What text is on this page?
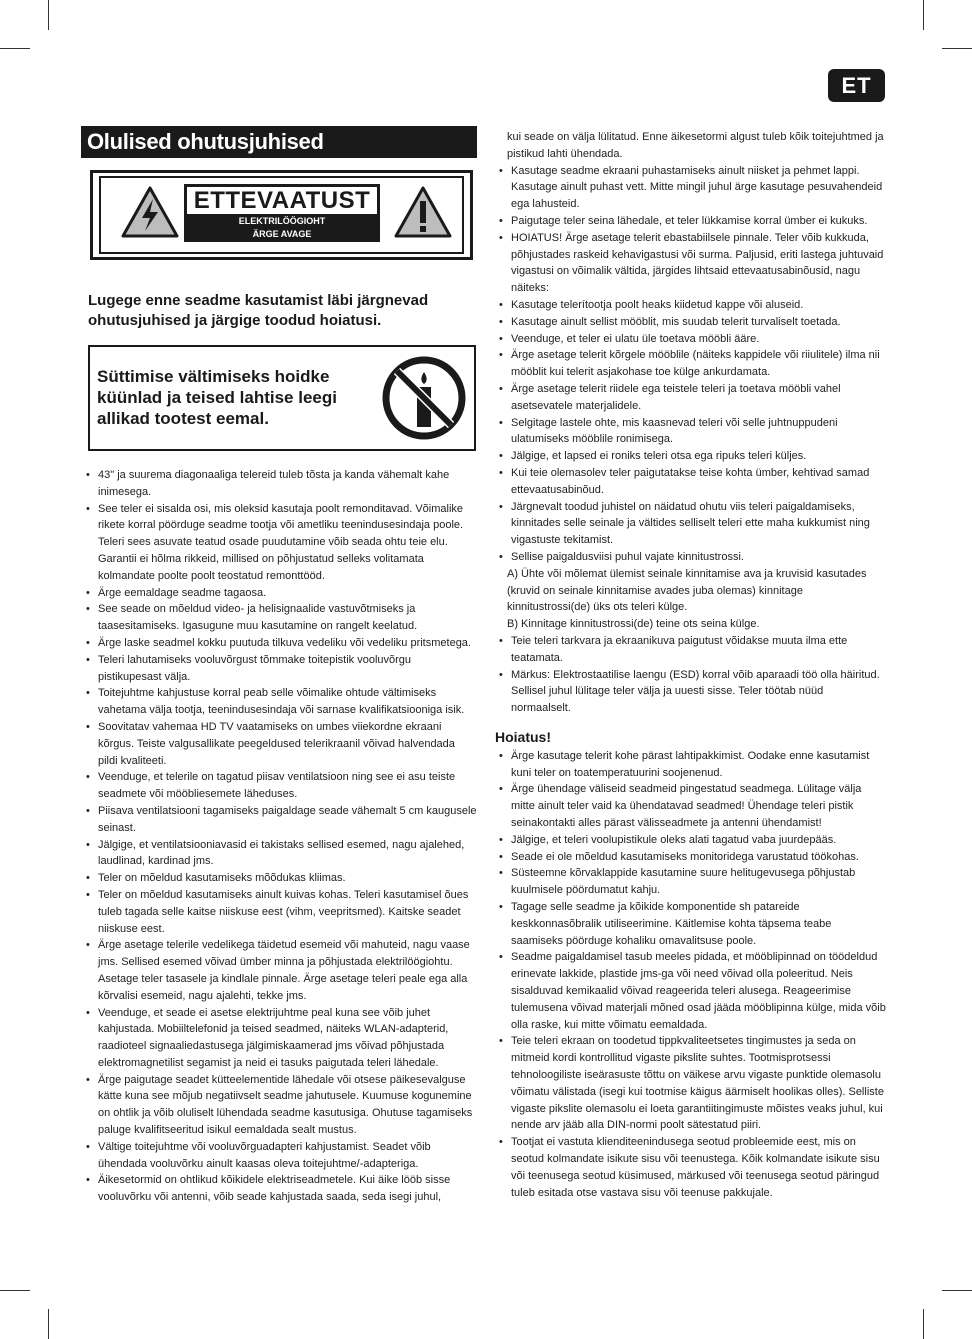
ET
Olulised ohutusjuhised
ETTEVAATUST
ELEKTRILÖÖGIOHT
ÄRGE AVAGE
Lugege enne seadme kasutamist läbi järgnevad ohutusjuhised ja järgige toodud hoiatusi.
Süttimise vältimiseks hoidke küünlad ja teised lahtise leegi allikad tootest eemal.
• 43" ja suurema diagonaaliga telereid tuleb tõsta ja kanda vähemalt kahe inimesega.
• See teler ei sisalda osi, mis oleksid kasutaja poolt remonditavad. Võimalike rikete korral pöörduge seadme tootja või ametliku teenindusesindaja poole. Teleri sees asuvate teatud osade puudutamine võib seada ohtu teie elu. Garantii ei hõlma rikkeid, millised on põhjustatud selleks volitamata kolmandate poolte poolt teostatud remonttööd.
• Ärge eemaldage seadme tagaosa.
• See seade on mõeldud video- ja helisignaalide vastuvõtmiseks ja taasesitamiseks. Igasugune muu kasutamine on rangelt keelatud.
• Ärge laske seadmel kokku puutuda tilkuva vedeliku või vedeliku pritsmetega.
• Teleri lahutamiseks vooluvõrgust tõmmake toitepistik vooluvõrgu pistikupesast välja.
• Toitejuhtme kahjustuse korral peab selle võimalike ohtude vältimiseks vahetama välja tootja, teenindusesindaja või sarnase kvalifikatsiooniga isik.
• Soovitatav vahemaa HD TV vaatamiseks on umbes viiekordne ekraani kõrgus. Teiste valgusallikate peegeldused telerikraanil võivad halvendada pildi kvaliteeti.
• Veenduge, et telerile on tagatud piisav ventilatsioon ning see ei asu teiste seadmete või mööbliesemete läheduses.
• Piisava ventilatsiooni tagamiseks paigaldage seade vähemalt 5 cm kaugusele seinast.
• Jälgige, et ventilatsiooniavasid ei takistaks sellised esemed, nagu ajalehed, laudlinad, kardinad jms.
• Teler on mõeldud kasutamiseks mõõdukas kliimas.
• Teler on mõeldud kasutamiseks ainult kuivas kohas. Teleri kasutamisel õues tuleb tagada selle kaitse niiskuse eest (vihm, veepritsmed). Kaitske seadet niiskuse eest.
• Ärge asetage telerile vedelikega täidetud esemeid või mahuteid, nagu vaase jms. Sellised esemed võivad ümber minna ja põhjustada elektrilöögiohtu. Asetage teler tasasele ja kindlale pinnale. Ärge asetage teleri peale ega alla kõrvalisi esemeid, nagu ajalehti, tekke jms.
• Veenduge, et seade ei asetse elektrijuhtme peal kuna see võib juhet kahjustada. Mobiiltelefonid ja teised seadmed, näiteks WLAN-adapterid, raadioteel signaaliedastusega jälgimiskaamerad jms võivad põhjustada elektromagnetilist segamist ja neid ei tasuks paigutada teleri lähedale.
• Ärge paigutage seadet kütteelementide lähedale või otsese päikesevalguse kätte kuna see mõjub negatiivselt seadme jahutusele. Kuumuse kogunemine on ohtlik ja võib oluliselt lühendada seadme kasutusiga. Ohutuse tagamiseks paluge kvalifitseeritud isikul eemaldada sealt mustus.
• Vältige toitejuhtme või vooluvõrguadapteri kahjustamist. Seadet võib ühendada vooluvõrku ainult kaasas oleva toitejuhtme/-adapteriga.
• Äikesetormid on ohtlikud kõikidele elektriseadmetele. Kui äike lööb sisse vooluvõrku või antenni, võib seade kahjustada saada, seda isegi juhul,
kui seade on välja lülitatud. Enne äikesetormi algust tuleb kõik toitejuhtmed ja pistikud lahti ühendada.
• Kasutage seadme ekraani puhastamiseks ainult niisket ja pehmet lappi. Kasutage ainult puhast vett. Mitte mingil juhul ärge kasutage pesuvahendeid ega lahusteid.
• Paigutage teler seina lähedale, et teler lükkamise korral ümber ei kukuks.
• HOIATUS! Ärge asetage telerit ebastabiilsele pinnale. Teler võib kukkuda, põhjustades raskeid kehavigastusi või surma. Paljusid, eriti lastega juhtuvaid vigastusi on võimalik vältida, järgides lihtsaid ettevaatusabinõusid, nagu näiteks:
• Kasutage telerítootja poolt heaks kiidetud kappe või aluseid.
• Kasutage ainult sellist mööblit, mis suudab telerit turvaliselt toetada.
• Veenduge, et teler ei ulatu üle toetava mööbli ääre.
• Ärge asetage telerit kõrgele mööblile (näiteks kappidele või riiulitele) ilma nii mööblit kui telerit asjakohase toe külge ankurdamata.
• Ärge asetage telerit riidele ega teistele teleri ja toetava mööbli vahel asetsevatele materjalidele.
• Selgitage lastele ohte, mis kaasnevad teleri või selle juhtnuppudeni ulatumiseks mööblile ronimisega.
• Jälgige, et lapsed ei roniks teleri otsa ega ripuks teleri küljes.
• Kui teie olemasolev teler paigutatakse teise kohta ümber, kehtivad samad ettevaatusabinõud.
• Järgnevalt toodud juhistel on näidatud ohutu viis teleri paigaldamiseks, kinnitades selle seinale ja vältides selliselt teleri ette maha kukkumist ning vigastuste tekitamist.
• Sellise paigaldusviisi puhul vajate kinnitustrossi.
A) Ühte või mõlemat ülemist seinale kinnitamise ava ja kruvisid kasutades (kruvid on seinale kinnitamise avades juba olemas) kinnitage kinnitustrossi(de) üks ots teleri külge.
B) Kinnitage kinnitustrossi(de) teine ots seina külge.
• Teie teleri tarkvara ja ekraanikuva paigutust võidakse muuta ilma ette teatamata.
• Märkus: Elektrostaatilise laengu (ESD) korral võib aparaadi töö olla häiritud. Sellisel juhul lülitage teler välja ja uuesti sisse. Teler töötab nüüd normaalselt.
Hoiatus!
• Ärge kasutage telerit kohe pärast lahtipakkimist. Oodake enne kasutamist kuni teler on toatemperatuurini soojenenud.
• Ärge ühendage väliseid seadmeid pingestatud seadmega. Lülitage välja mitte ainult teler vaid ka ühendatavad seadmed! Ühendage teleri pistik seinakontakti alles pärast välisseadmete ja antenni ühendamist!
• Jälgige, et teleri voolupistikule oleks alati tagatud vaba juurdepääs.
• Seade ei ole mõeldud kasutamiseks monitoridega varustatud töökohas.
• Süsteemne kõrvaklappide kasutamine suure helitugevusega põhjustab kuulmisele pöördumatut kahju.
• Tagage selle seadme ja kõikide komponentide sh patareide keskkonnasõbralik utiliseerimine. Käitlemise kohta täpsema teabe saamiseks pöörduge kohaliku omavalitsuse poole.
• Seadme paigaldamisel tasub meeles pidada, et mööblipinnad on töödeldud erinevate lakkide, plastide jms-ga või need võivad olla poleeritud. Neis sisalduvad kemikaalid võivad reageerida teleri alusega. Reageerimise tulemusena võivad materjali mõned osad jääda mööblipinna külge, mida võib olla raske, kui mitte võimatu eemaldada.
• Teie teleri ekraan on toodetud tippkvaliteetsetes tingimustes ja seda on mitmeid kordi kontrollitud vigaste pikslite suhtes. Tootmisprotsessi tehnoloogiliste iseärasuste tõttu on väikese arvu vigaste punktide olemasolu võimatu välistada (isegi kui tootmise käigus äärmiselt hoolikas olles). Selliste vigaste pikslite olemasolu ei loeta garantiitingimuste mõistes veaks juhul, kui nende arv jääb alla DIN-normi poolt sätestatud piiri.
• Tootjat ei vastuta klienditeenindusega seotud probleemide eest, mis on seotud kolmandate isikute sisu või teenustega. Kõik kolmandate isikute sisu või teenusega seotud küsimused, märkused või teenusega seotud päringud tuleb esitada otse vastava sisu või teenuse pakkujale.
